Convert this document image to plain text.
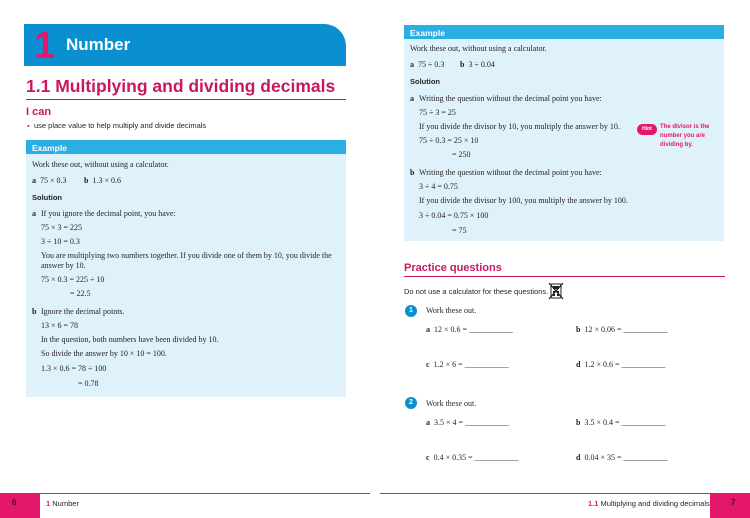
1 Number
1.1 Multiplying and dividing decimals
I can
• use place value to help multiply and divide decimals
Example
Work these out, without using a calculator.
a 75 × 0.3 b 1.3 × 0.6
Solution
a If you ignore the decimal point, you have:
75 × 3 = 225
3 ÷ 10 = 0.3
You are multiplying two numbers together. If you divide one of them by 10, you divide the
answer by 10.
75 × 0.3 = 225 ÷ 10
= 22.5
b Ignore the decimal points.
13 × 6 = 78
In the question, both numbers have been divided by 10.
So divide the answer by 10 × 10 = 100.
1.3 × 0.6 = 78 ÷ 100
= 0.78
Example
Work these out, without using a calculator.
a 75 ÷ 0.3 b 3 ÷ 0.04
Solution
a Writing the question without the decimal point you have:
75 ÷ 3 = 25
If you divide the divisor by 10, you multiply the answer by 10.
75 ÷ 0.3 = 25 × 10
= 250
b Writing the question without the decimal point you have:
3 ÷ 4 = 0.75
If you divide the divisor by 100, you multiply the answer by 100.
3 ÷ 0.04 = 0.75 × 100
= 75
Hint	The divisor is the number you are dividing by.
Practice questions
Do not use a calculator for these questions.
1	Work these out.
a 12 × 0.6 = ___________	b 12 × 0.06 = ___________
c 1.2 × 6 = ___________	d 1.2 × 0.6 = ___________
2	Work these out.
a 3.5 × 4 = ___________	b 3.5 × 0.4 = ___________
c 0.4 × 0.35 = ___________	d 0.04 × 35 = ___________
6	1 Number	1.1 Multiplying and dividing decimals	7
